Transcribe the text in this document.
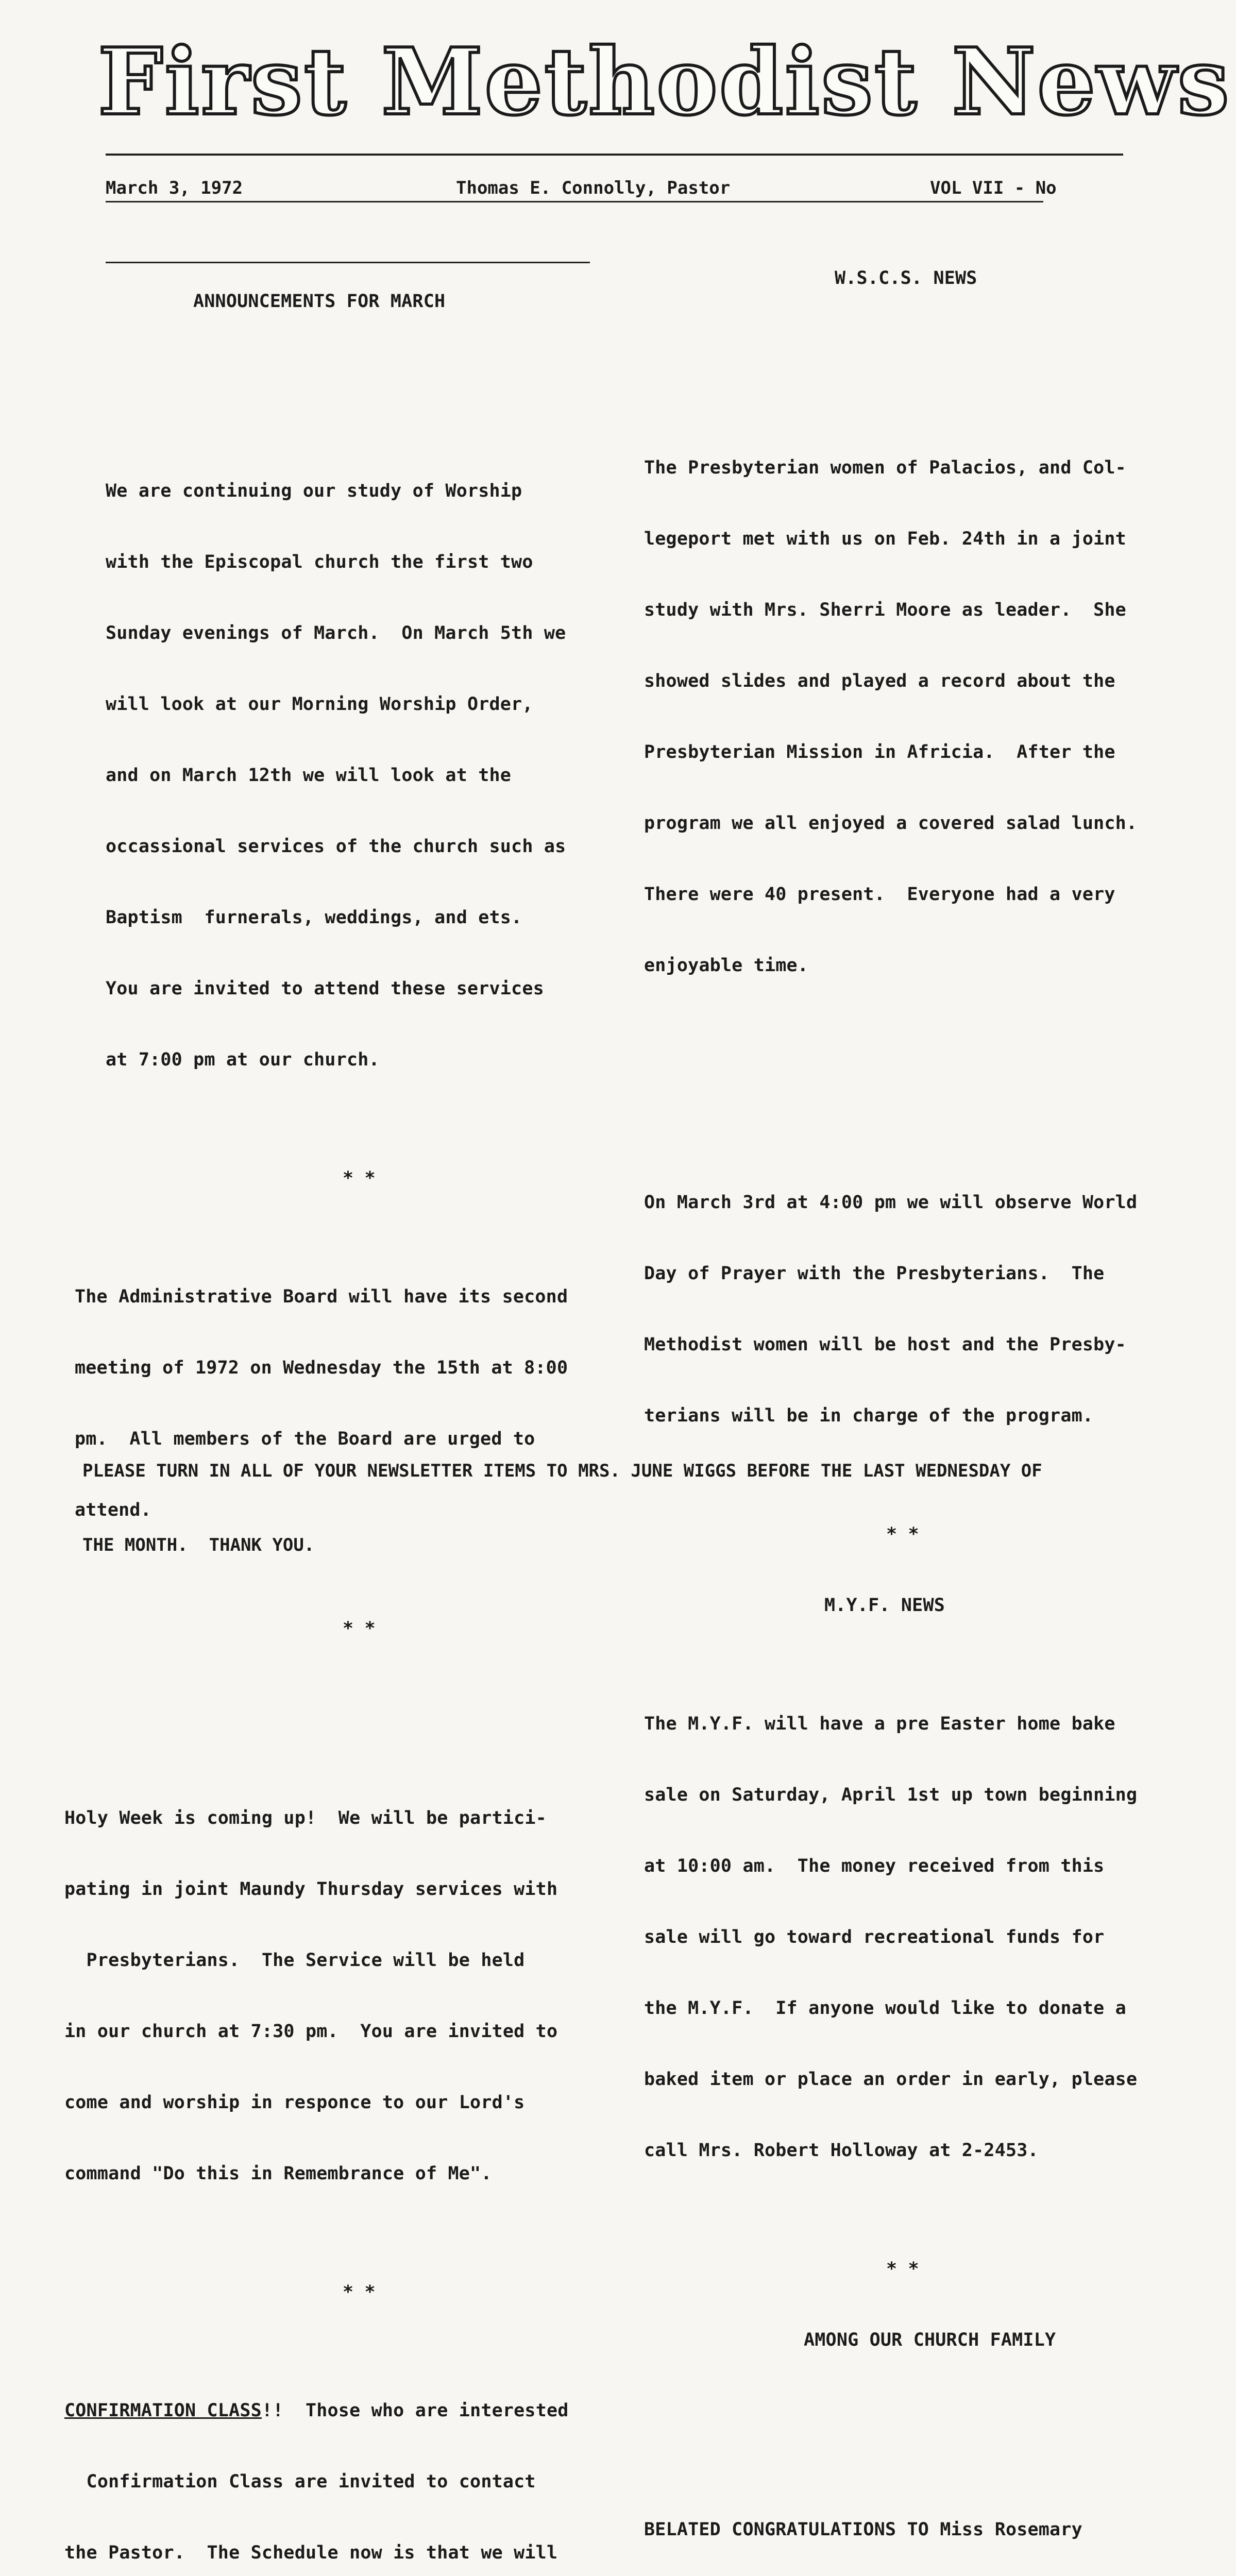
First Methodist News
March 3, 1972	Thomas E. Connolly, Pastor	VOL VII - No

ANNOUNCEMENTS FOR MARCH

We are continuing our study of Worship

with the Episcopal church the first two

Sunday evenings of March.  On March 5th we

will look at our Morning Worship Order,

and on March 12th we will look at the

occassional services of the church such as

Baptism  furnerals, weddings, and ets.

You are invited to attend these services

at 7:00 pm at our church.

* *

The Administrative Board will have its second

meeting of 1972 on Wednesday the 15th at 8:00

pm.  All members of the Board are urged to

attend.

* *

Holy Week is coming up!  We will be partici-

pating in joint Maundy Thursday services with

Presbyterians.  The Service will be held

in our church at 7:30 pm.  You are invited to

come and worship in responce to our Lord's

command "Do this in Remembrance of Me".

* *

CONFIRMATION CLASS!!  Those who are interested

Confirmation Class are invited to contact

the Pastor.  The Schedule now is that we will

W.S.C.S. NEWS

The Presbyterian women of Palacios, and Col-

legeport met with us on Feb. 24th in a joint

study with Mrs. Sherri Moore as leader.  She

showed slides and played a record about the

Presbyterian Mission in Africia.  After the

program we all enjoyed a covered salad lunch.

There were 40 present.  Everyone had a very

enjoyable time.

On March 3rd at 4:00 pm we will observe World

Day of Prayer with the Presbyterians.  The

Methodist women will be host and the Presby-

terians will be in charge of the program.

* *

M.Y.F. NEWS

The M.Y.F. will have a pre Easter home bake

sale on Saturday, April 1st up town beginning

at 10:00 am.  The money received from this

sale will go toward recreational funds for

the M.Y.F.  If anyone would like to donate a

baked item or place an order in early, please

call Mrs. Robert Holloway at 2-2453.

* *

AMONG OUR CHURCH FAMILY

BELATED CONGRATULATIONS TO Miss Rosemary

PLEASE TURN IN ALL OF YOUR NEWSLETTER ITEMS TO MRS. JUNE WIGGS BEFORE THE LAST WEDNESDAY OF

THE MONTH.  THANK YOU.
